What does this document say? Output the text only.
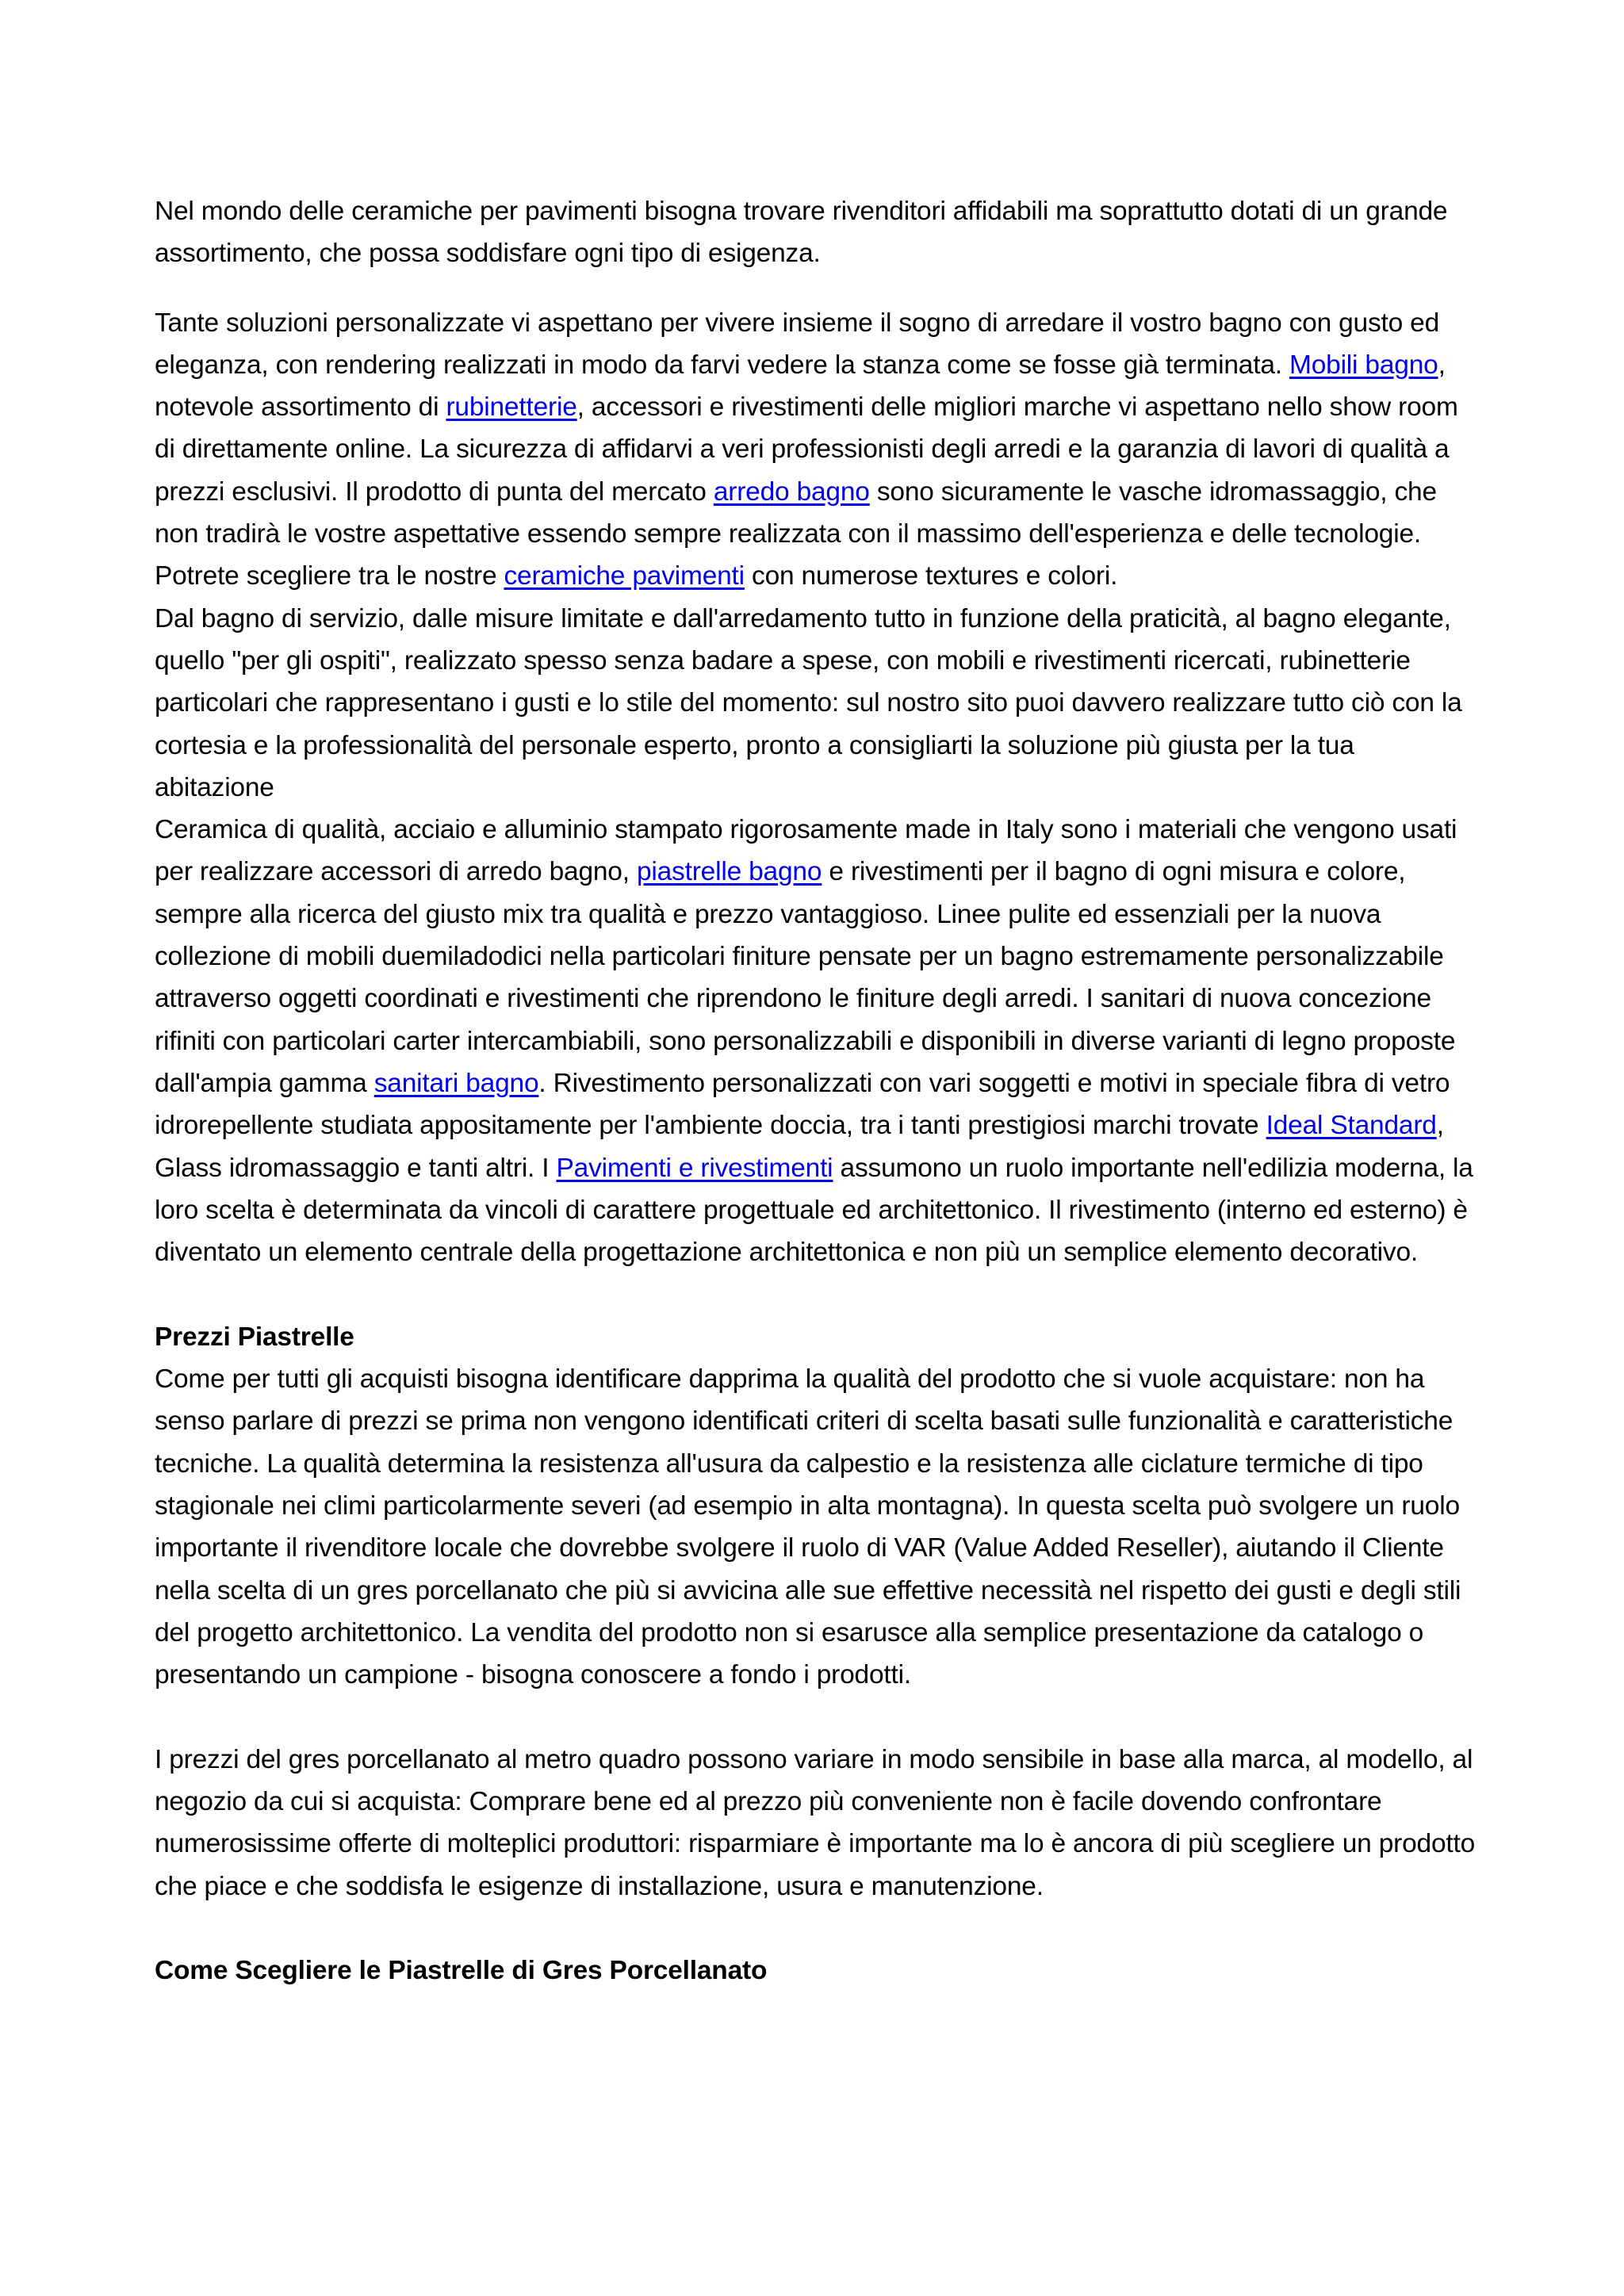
Nel mondo delle ceramiche per pavimenti bisogna trovare rivenditori affidabili ma soprattutto dotati di un grande assortimento, che possa soddisfare ogni tipo di esigenza.

Tante soluzioni personalizzate vi aspettano per vivere insieme il sogno di arredare il vostro bagno con gusto ed eleganza, con rendering realizzati in modo da farvi vedere la stanza come se fosse già terminata. Mobili bagno, notevole assortimento di rubinetterie, accessori e rivestimenti delle migliori marche vi aspettano nello show room di direttamente online. La sicurezza di affidarvi a veri professionisti degli arredi e la garanzia di lavori di qualità a prezzi esclusivi. Il prodotto di punta del mercato arredo bagno sono sicuramente le vasche idromassaggio, che non tradirà le vostre aspettative essendo sempre realizzata con il massimo dell'esperienza e delle tecnologie. Potrete scegliere tra le nostre ceramiche pavimenti con numerose textures e colori.

Dal bagno di servizio, dalle misure limitate e dall'arredamento tutto in funzione della praticità, al bagno elegante, quello "per gli ospiti", realizzato spesso senza badare a spese, con mobili e rivestimenti ricercati, rubinetterie particolari che rappresentano i gusti e lo stile del momento: sul nostro sito puoi davvero realizzare tutto ciò con la cortesia e la professionalità del personale esperto, pronto a consigliarti la soluzione più giusta per la tua abitazione

Ceramica di qualità, acciaio e alluminio stampato rigorosamente made in Italy sono i materiali che vengono usati per realizzare accessori di arredo bagno, piastrelle bagno e rivestimenti per il bagno di ogni misura e colore, sempre alla ricerca del giusto mix tra qualità e prezzo vantaggioso. Linee pulite ed essenziali per la nuova collezione di mobili duemiladodici nella particolari finiture pensate per un bagno estremamente personalizzabile attraverso oggetti coordinati e rivestimenti che riprendono le finiture degli arredi. I sanitari di nuova concezione rifiniti con particolari carter intercambiabili, sono personalizzabili e disponibili in diverse varianti di legno proposte dall'ampia gamma sanitari bagno. Rivestimento personalizzati con vari soggetti e motivi in speciale fibra di vetro idrorepellente studiata appositamente per l'ambiente doccia, tra i tanti prestigiosi marchi trovate Ideal Standard, Glass idromassaggio e tanti altri. I Pavimenti e rivestimenti assumono un ruolo importante nell'edilizia moderna, la loro scelta è determinata da vincoli di carattere progettuale ed architettonico. Il rivestimento (interno ed esterno) è diventato un elemento centrale della progettazione architettonica e non più un semplice elemento decorativo.

Prezzi Piastrelle

Come per tutti gli acquisti bisogna identificare dapprima la qualità del prodotto che si vuole acquistare: non ha senso parlare di prezzi se prima non vengono identificati criteri di scelta basati sulle funzionalità e caratteristiche tecniche. La qualità determina la resistenza all'usura da calpestio e la resistenza alle ciclature termiche di tipo stagionale nei climi particolarmente severi (ad esempio in alta montagna). In questa scelta può svolgere un ruolo importante il rivenditore locale che dovrebbe svolgere il ruolo di VAR (Value Added Reseller), aiutando il Cliente nella scelta di un gres porcellanato che più si avvicina alle sue effettive necessità nel rispetto dei gusti e degli stili del progetto architettonico. La vendita del prodotto non si esarusce alla semplice presentazione da catalogo o presentando un campione - bisogna conoscere a fondo i prodotti.

I prezzi del gres porcellanato al metro quadro possono variare in modo sensibile in base alla marca, al modello, al negozio da cui si acquista: Comprare bene ed al prezzo più conveniente non è facile dovendo confrontare numerosissime offerte di molteplici produttori: risparmiare è importante ma lo è ancora di più scegliere un prodotto che piace e che soddisfa le esigenze di installazione, usura e manutenzione.

Come Scegliere le Piastrelle di Gres Porcellanato
